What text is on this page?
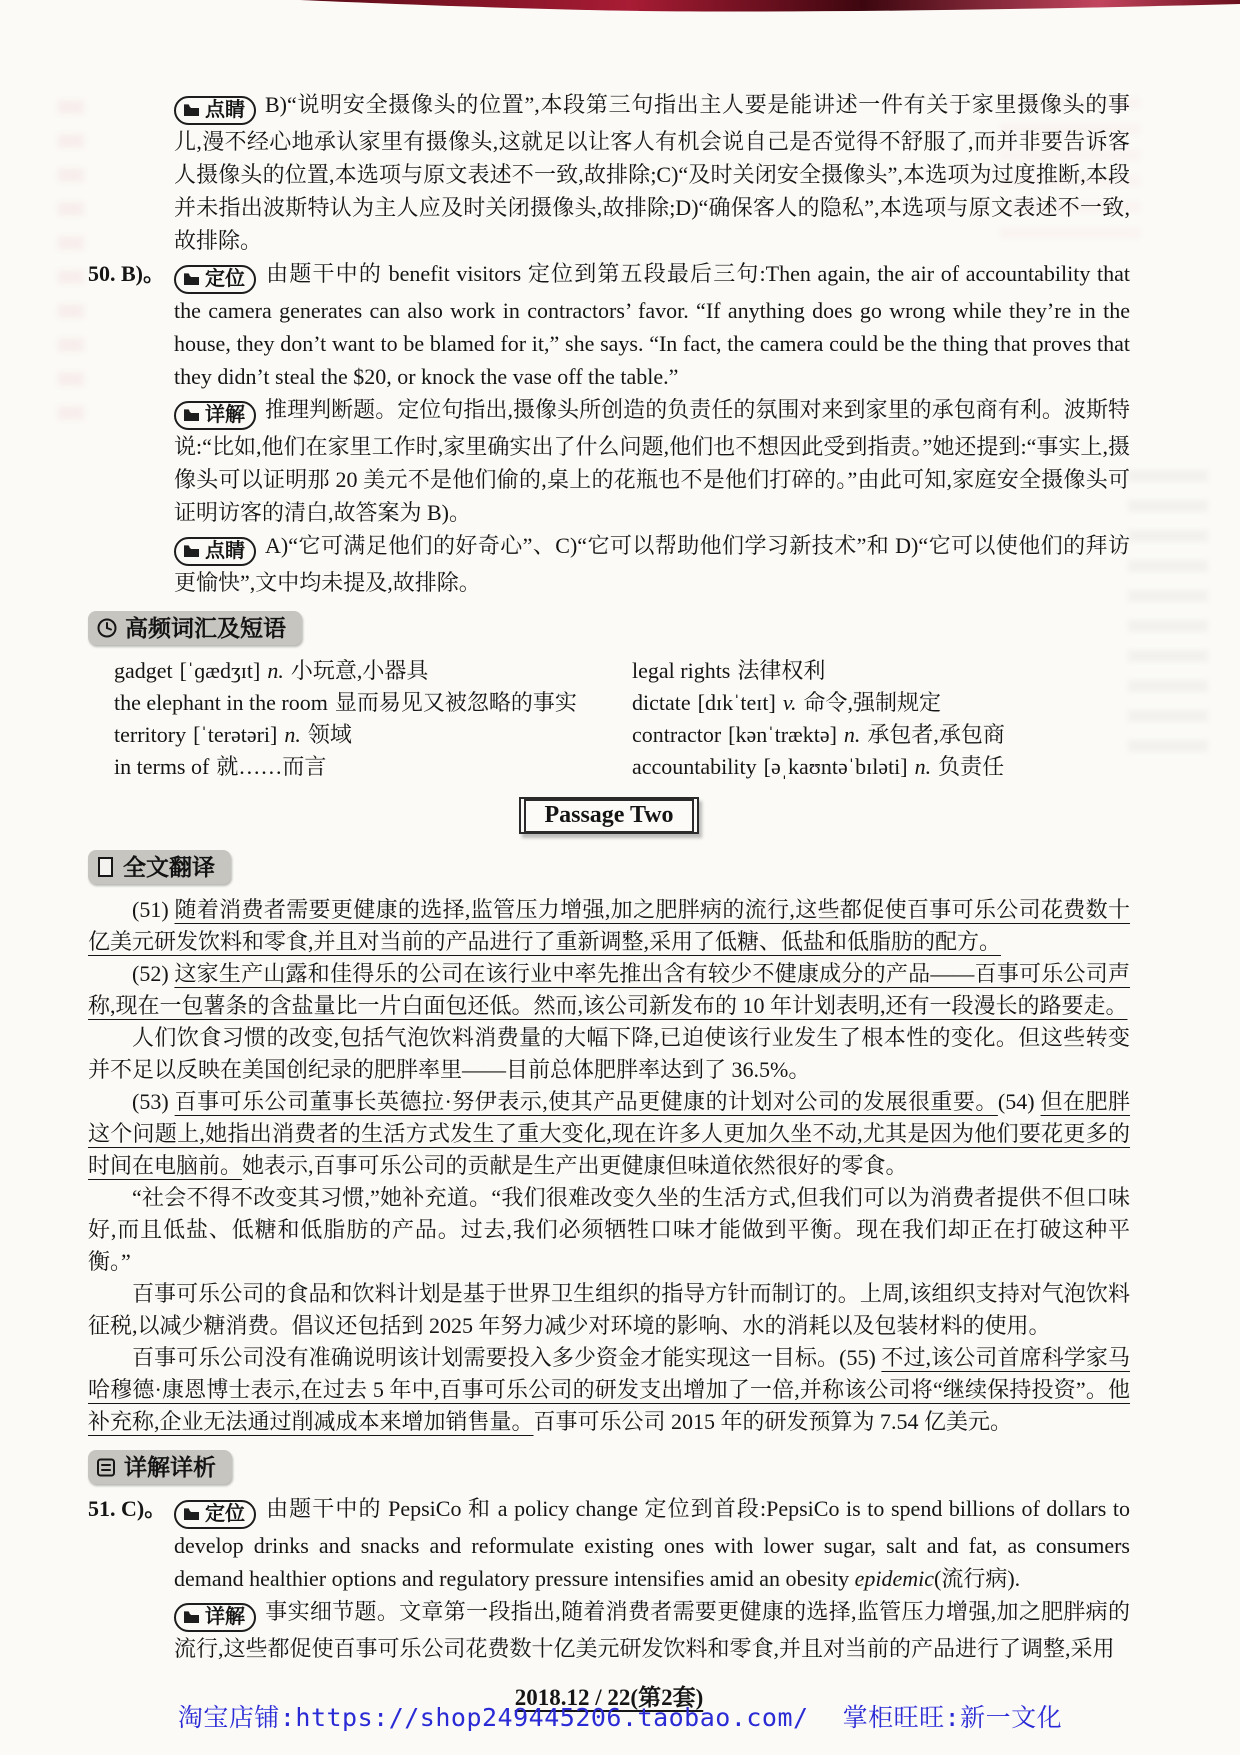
点睛 B)“说明安全摄像头的位置”,本段第三句指出主人要是能讲述一件有关于家里摄像头的事儿,漫不经心地承认家里有摄像头,这就足以让客人有机会说自己是否觉得不舒服了,而并非要告诉客人摄像头的位置,本选项与原文表述不一致,故排除;C)“及时关闭安全摄像头”,本选项为过度推断,本段并未指出波斯特认为主人应及时关闭摄像头,故排除;D)“确保客人的隐私”,本选项与原文表述不一致,故排除。

50. B)。	定位 由题干中的 benefit visitors 定位到第五段最后三句:Then again, the air of accountability that the camera generates can also work in contractors’ favor. “If anything does go wrong while they’re in the house, they don’t want to be blamed for it,” she says. “In fact, the camera could be the thing that proves that they didn’t steal the $20, or knock the vase off the table.”

详解 推理判断题。定位句指出,摄像头所创造的负责任的氛围对来到家里的承包商有利。波斯特说:“比如,他们在家里工作时,家里确实出了什么问题,他们也不想因此受到指责。”她还提到:“事实上,摄像头可以证明那 20 美元不是他们偷的,桌上的花瓶也不是他们打碎的。”由此可知,家庭安全摄像头可证明访客的清白,故答案为 B)。

点睛 A)“它可满足他们的好奇心”、C)“它可以帮助他们学习新技术”和 D)“它可以使他们的拜访更愉快”,文中均未提及,故排除。

高频词汇及短语
gadget [ˈɡædʒɪt] n. 小玩意,小器具
the elephant in the room 显而易见又被忽略的事实
territory [ˈterətəri] n. 领域
in terms of 就……而言
legal rights 法律权利
dictate [dɪkˈteɪt] v. 命令,强制规定
contractor [kənˈtræktə] n. 承包者,承包商
accountability [əˌkaʊntəˈbɪləti] n. 负责任
Passage Two
全文翻译

(51) 随着消费者需要更健康的选择,监管压力增强,加之肥胖病的流行,这些都促使百事可乐公司花费数十亿美元研发饮料和零食,并且对当前的产品进行了重新调整,采用了低糖、低盐和低脂肪的配方。

(52) 这家生产山露和佳得乐的公司在该行业中率先推出含有较少不健康成分的产品——百事可乐公司声称,现在一包薯条的含盐量比一片白面包还低。然而,该公司新发布的 10 年计划表明,还有一段漫长的路要走。

人们饮食习惯的改变,包括气泡饮料消费量的大幅下降,已迫使该行业发生了根本性的变化。但这些转变并不足以反映在美国创纪录的肥胖率里——目前总体肥胖率达到了 36.5%。

(53) 百事可乐公司董事长英德拉·努伊表示,使其产品更健康的计划对公司的发展很重要。(54) 但在肥胖这个问题上,她指出消费者的生活方式发生了重大变化,现在许多人更加久坐不动,尤其是因为他们要花更多的时间在电脑前。她表示,百事可乐公司的贡献是生产出更健康但味道依然很好的零食。

“社会不得不改变其习惯,”她补充道。“我们很难改变久坐的生活方式,但我们可以为消费者提供不但口味好,而且低盐、低糖和低脂肪的产品。过去,我们必须牺牲口味才能做到平衡。现在我们却正在打破这种平衡。”

百事可乐公司的食品和饮料计划是基于世界卫生组织的指导方针而制订的。上周,该组织支持对气泡饮料征税,以减少糖消费。倡议还包括到 2025 年努力减少对环境的影响、水的消耗以及包装材料的使用。

百事可乐公司没有准确说明该计划需要投入多少资金才能实现这一目标。(55) 不过,该公司首席科学家马哈穆德·康恩博士表示,在过去 5 年中,百事可乐公司的研发支出增加了一倍,并称该公司将“继续保持投资”。他补充称,企业无法通过削减成本来增加销售量。百事可乐公司 2015 年的研发预算为 7.54 亿美元。

详解详析
51. C)。	定位 由题干中的 PepsiCo 和 a policy change 定位到首段:PepsiCo is to spend billions of dollars to develop drinks and snacks and reformulate existing ones with lower sugar, salt and fat, as consumers demand healthier options and regulatory pressure intensifies amid an obesity epidemic(流行病).

详解 事实细节题。文章第一段指出,随着消费者需要更健康的选择,监管压力增强,加之肥胖病的流行,这些都促使百事可乐公司花费数十亿美元研发饮料和零食,并且对当前的产品进行了调整,采用

2018.12 / 22(第2套)
淘宝店铺:https://shop249445206.taobao.com/ 掌柜旺旺:新一文化
